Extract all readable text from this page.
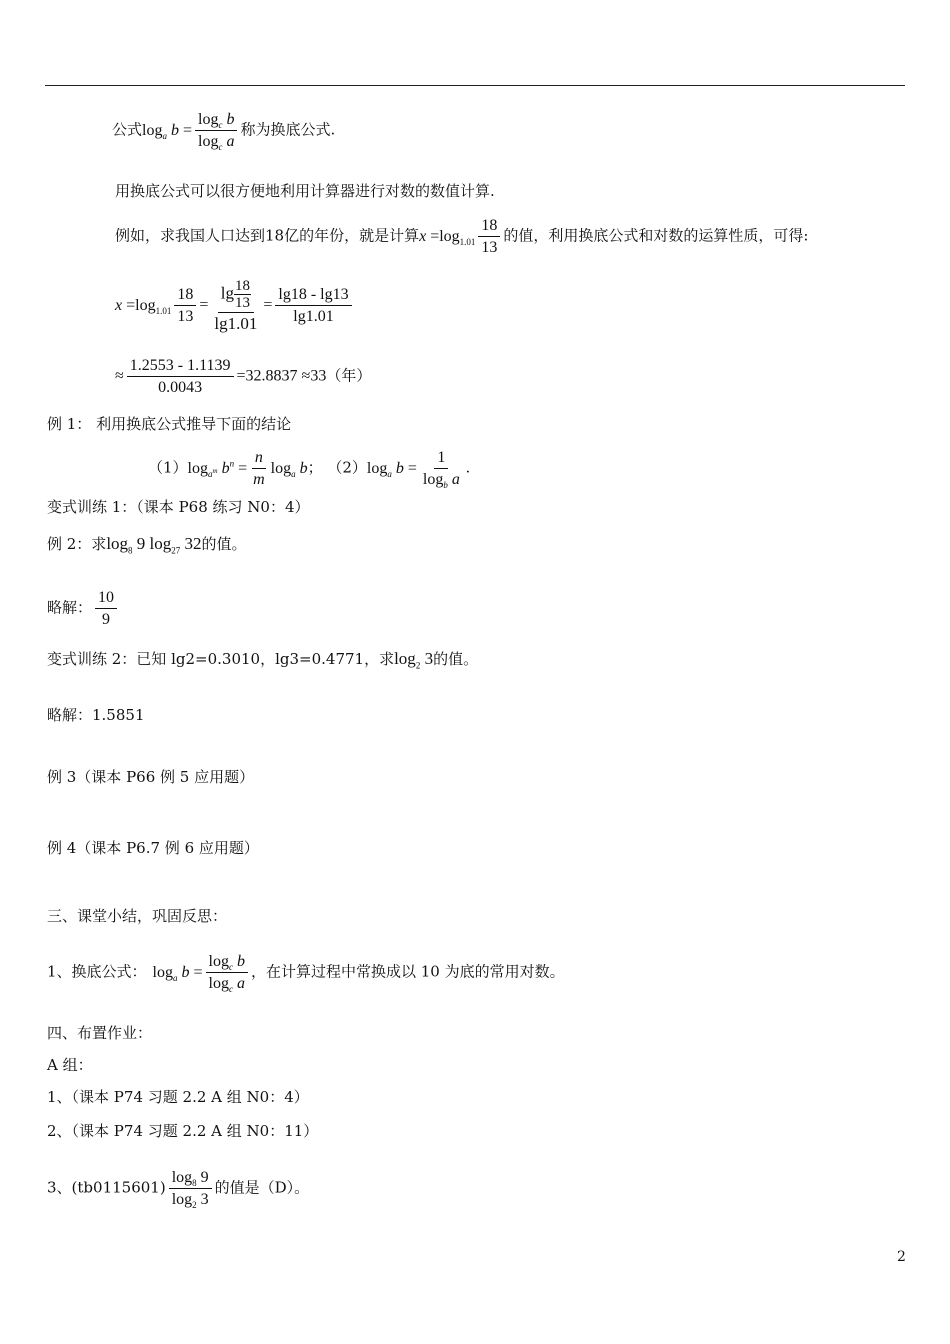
公式$\log_a b = \frac{\log_c b}{\log_c a}$ 称为换底公式.
用换底公式可以很方便地利用计算器进行对数的数值计算.
例如，求我国人口达到18亿的年份，就是计算$x =\log_{1.01} \frac{18}{13}$ 的值，利用换底公式和对数的运算性质，可得:
$x =\log_{1.01} \frac{18}{13} = \frac{\lg \frac{18}{13}}{\lg 1.01} = \frac{\lg 18 - \lg 13}{\lg 1.01}$
≈ $\frac{1.2553 - 1.1139}{0.0043} =32.8837 \approx 33$（年）
例 1： 利用换底公式推导下面的结论
$(1)\log_{a^m}$ $b^n = \frac{n}{m} \log_a b$； $(2)\log_a$ $b = \frac{1}{\log_b a}$ .
变式训练 1：（课本 P68 练习 N0：4）
例 2：求$\log_8 9$ $\log_{27} 32$的值。
略解： $\frac{10}{9}$
变式训练 2：已知 lg2=0.3010，lg3=0.4771，求$\log_2 3$的值。
略解：1.5851
例 3（课本 P66 例 5 应用题）
例 4（课本 P6.7 例 6 应用题）
三、课堂小结，巩固反思：
1、换底公式： $\log_a b = \frac{\log_c b}{\log_c a}$ ，在计算过程中常换成以 10 为底的常用对数。
四、布置作业：
A 组：
1、（课本 P74 习题 2.2 A 组 N0：4）
2、（课本 P74 习题 2.2 A 组 N0：11）
3、$(tb0115601) \frac{\log_8 9}{\log_2 3}$ 的值是（D）。
2
